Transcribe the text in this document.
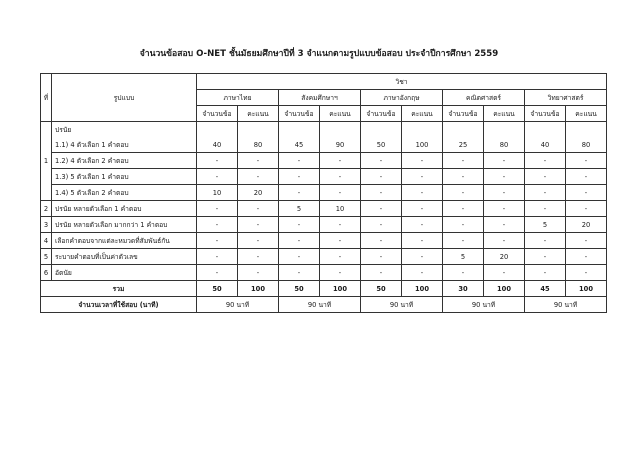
จำนวนข้อสอบ O-NET ชั้นมัธยมศึกษาปีที่ 3 จำแนกตามรูปแบบข้อสอบ ประจำปีการศึกษา 2559
ที่	รูปแบบ	วิชา									
		ภาษาไทย		สังคมศึกษาฯ		ภาษาอังกฤษ		คณิตศาสตร์		วิทยาศาสตร์	
		จำนวนข้อ	คะแนน	จำนวนข้อ	คะแนน	จำนวนข้อ	คะแนน	จำนวนข้อ	คะแนน	จำนวนข้อ	คะแนน
1	ปรนัย										
	1.1) 4 ตัวเลือก 1 คำตอบ	40	80	45	90	50	100	25	80	40	80
	1.2) 4 ตัวเลือก 2 คำตอบ	-	-	-	-	-	-	-	-	-	-
	1.3) 5 ตัวเลือก 1 คำตอบ	-	-	-	-	-	-	-	-	-	-
	1.4) 5 ตัวเลือก 2 คำตอบ	10	20	-	-	-	-	-	-	-	-
2	ปรนัย หลายตัวเลือก 1 คำตอบ	-	-	5	10	-	-	-	-	-	-
3	ปรนัย หลายตัวเลือก มากกว่า 1 คำตอบ	-	-	-	-	-	-	-	-	5	20
4	เลือกคำตอบจากแต่ละหมวดที่สัมพันธ์กัน	-	-	-	-	-	-	-	-	-	-
5	ระบายคำตอบที่เป็นค่าตัวเลข	-	-	-	-	-	-	5	20	-	-
6	อัตนัย	-	-	-	-	-	-	-	-	-	-
รวม		50	100	50	100	50	100	30	100	45	100
จำนวนเวลาที่ใช้สอบ (นาที)		90 นาที		90 นาที		90 นาที		90 นาที		90 นาที	
